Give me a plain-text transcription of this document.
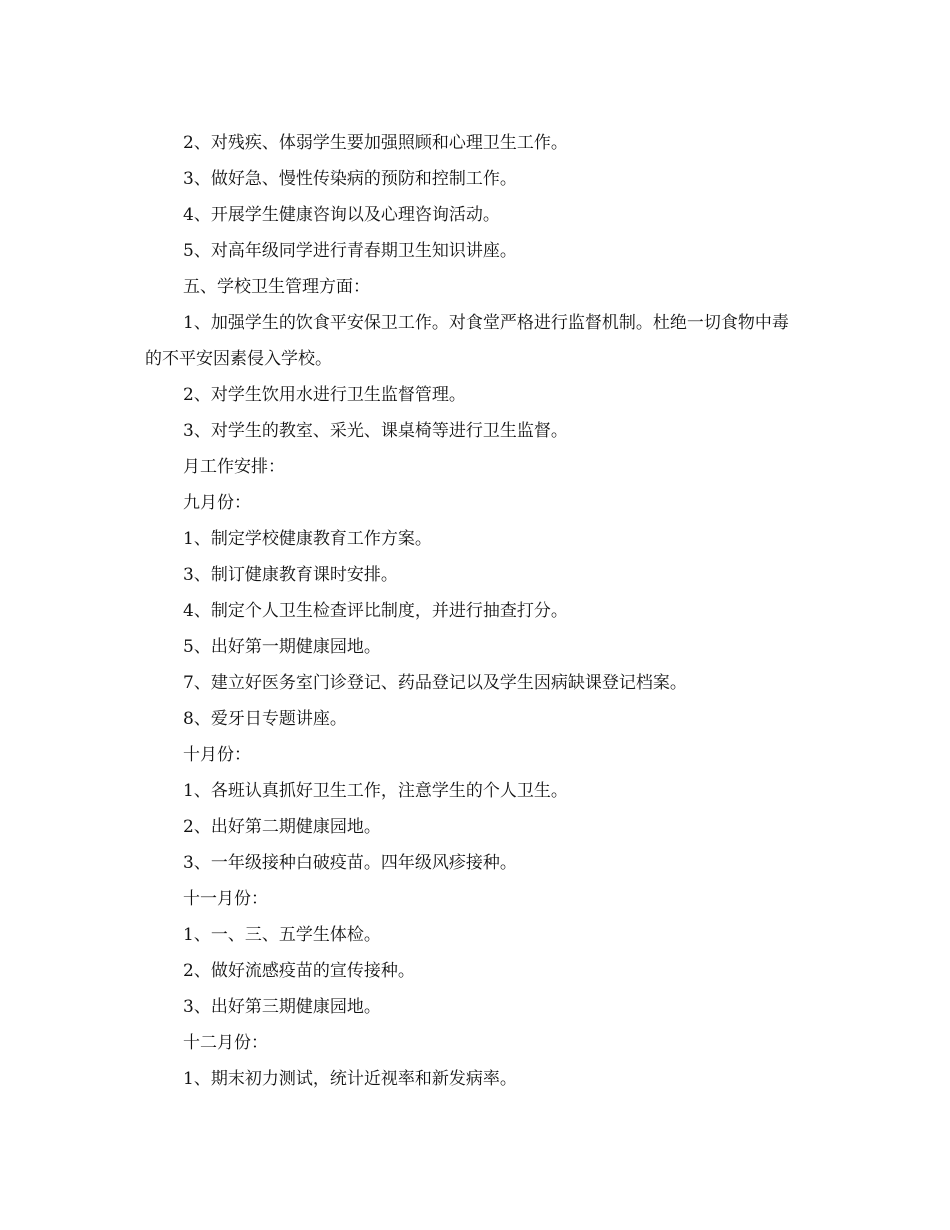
2、对残疾、体弱学生要加强照顾和心理卫生工作。
3、做好急、慢性传染病的预防和控制工作。
4、开展学生健康咨询以及心理咨询活动。
5、对高年级同学进行青春期卫生知识讲座。
五、学校卫生管理方面：
1、加强学生的饮食平安保卫工作。对食堂严格进行监督机制。杜绝一切食物中毒的不平安因素侵入学校。
2、对学生饮用水进行卫生监督管理。
3、对学生的教室、采光、课桌椅等进行卫生监督。
月工作安排：
九月份：
1、制定学校健康教育工作方案。
3、制订健康教育课时安排。
4、制定个人卫生检查评比制度，并进行抽查打分。
5、出好第一期健康园地。
7、建立好医务室门诊登记、药品登记以及学生因病缺课登记档案。
8、爱牙日专题讲座。
十月份：
1、各班认真抓好卫生工作，注意学生的个人卫生。
2、出好第二期健康园地。
3、一年级接种白破疫苗。四年级风疹接种。
十一月份：
1、一、三、五学生体检。
2、做好流感疫苗的宣传接种。
3、出好第三期健康园地。
十二月份：
1、期末初力测试，统计近视率和新发病率。
